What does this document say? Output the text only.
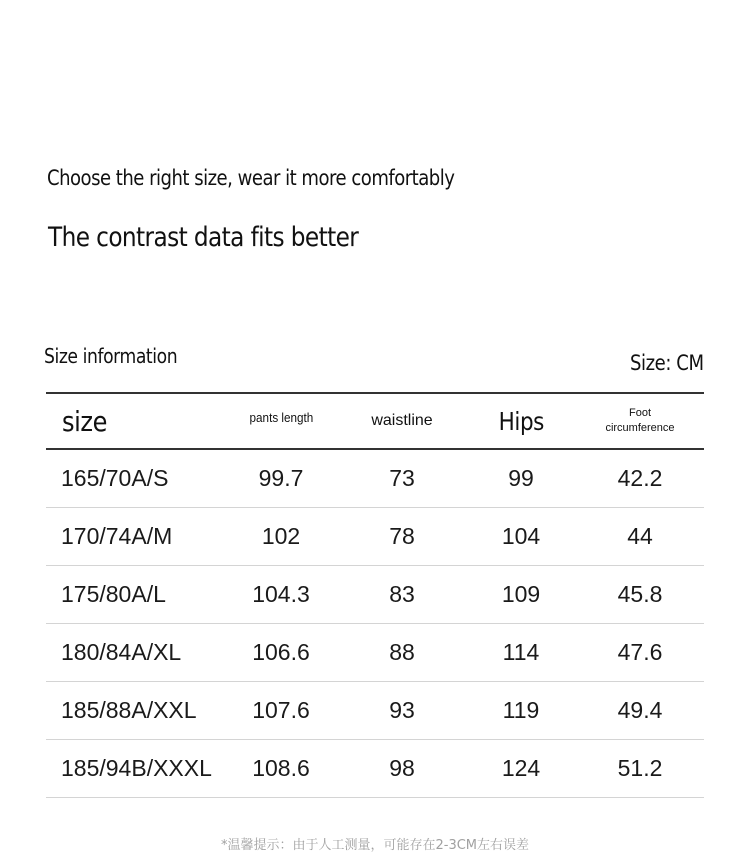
Choose the right size, wear it more comfortably
The contrast data fits better
Size information	Size: CM
size	pants length	waistline	Hips	Foot
circumference
165/70A/S	99.7	73	99	42.2
170/74A/M	102	78	104	44
175/80A/L	104.3	83	109	45.8
180/84A/XL	106.6	88	114	47.6
185/88A/XXL	107.6	93	119	49.4
185/94B/XXXL	108.6	98	124	51.2
*温馨提示：由于人工测量，可能存在2-3CM左右误差
